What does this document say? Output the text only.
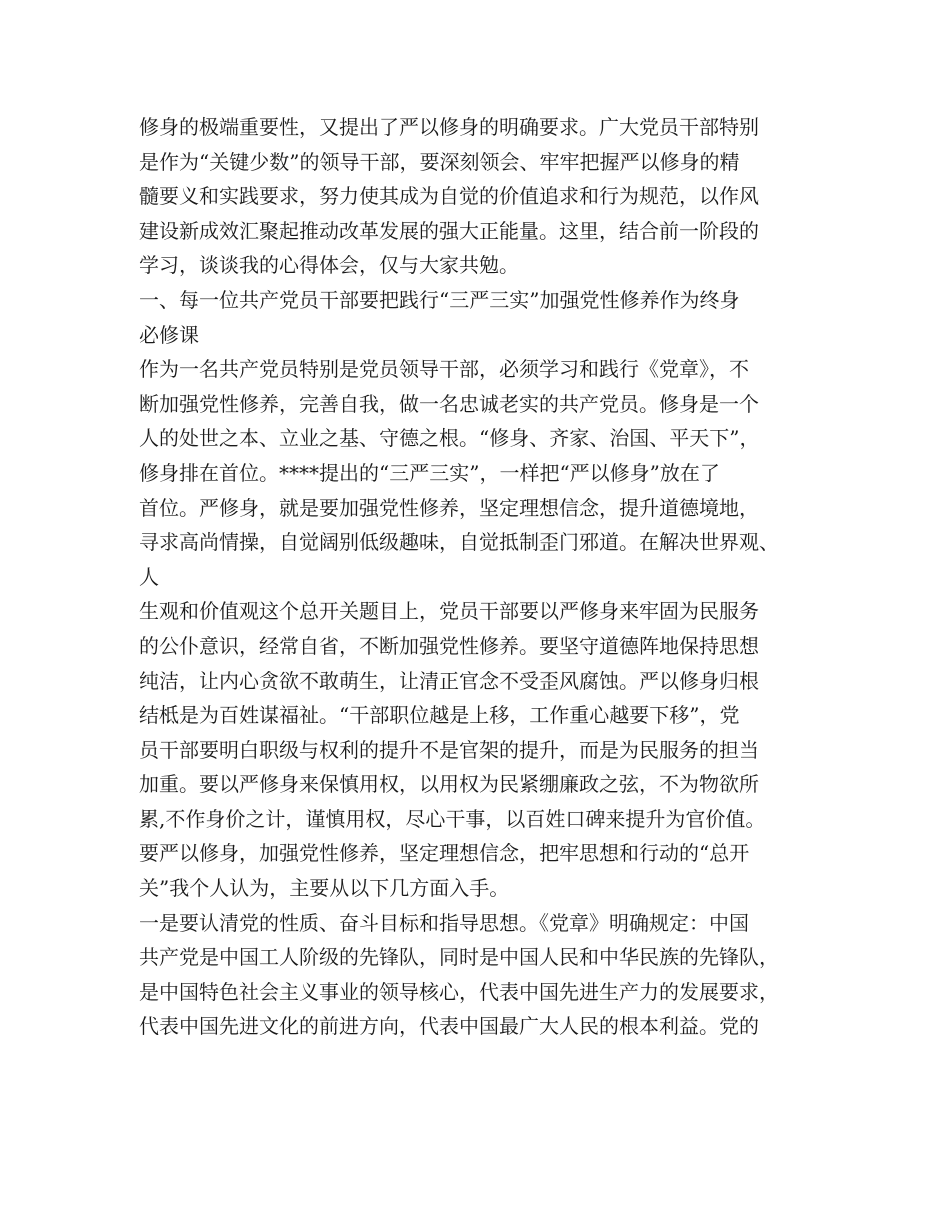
修身的极端重要性，又提出了严以修身的明确要求。广大党员干部特别
是作为“关键少数”的领导干部，要深刻领会、牢牢把握严以修身的精
髓要义和实践要求，努力使其成为自觉的价值追求和行为规范，以作风
建设新成效汇聚起推动改革发展的强大正能量。这里，结合前一阶段的
学习，谈谈我的心得体会，仅与大家共勉。
一、每一位共产党员干部要把践行“三严三实”加强党性修养作为终身
必修课
作为一名共产党员特别是党员领导干部，必须学习和践行《党章》，不
断加强党性修养，完善自我，做一名忠诚老实的共产党员。修身是一个
人的处世之本、立业之基、守德之根。“修身、齐家、治国、平天下”，
修身排在首位。****提出的“三严三实”，一样把“严以修身”放在了
首位。严修身，就是要加强党性修养，坚定理想信念，提升道德境地，
寻求高尚情操，自觉阔别低级趣味，自觉抵制歪门邪道。在解决世界观、
人
生观和价值观这个总开关题目上，党员干部要以严修身来牢固为民服务
的公仆意识，经常自省，不断加强党性修养。要坚守道德阵地保持思想
纯洁，让内心贪欲不敢萌生，让清正官念不受歪风腐蚀。严以修身归根
结柢是为百姓谋福祉。“干部职位越是上移，工作重心越要下移”，党
员干部要明白职级与权利的提升不是官架的提升，而是为民服务的担当
加重。要以严修身来保慎用权，以用权为民紧绷廉政之弦，不为物欲所
累,不作身价之计，谨慎用权，尽心干事，以百姓口碑来提升为官价值。
要严以修身，加强党性修养，坚定理想信念，把牢思想和行动的“总开
关”我个人认为，主要从以下几方面入手。
一是要认清党的性质、奋斗目标和指导思想。《党章》明确规定：中国
共产党是中国工人阶级的先锋队，同时是中国人民和中华民族的先锋队，
是中国特色社会主义事业的领导核心，代表中国先进生产力的发展要求，
代表中国先进文化的前进方向，代表中国最广大人民的根本利益。党的
